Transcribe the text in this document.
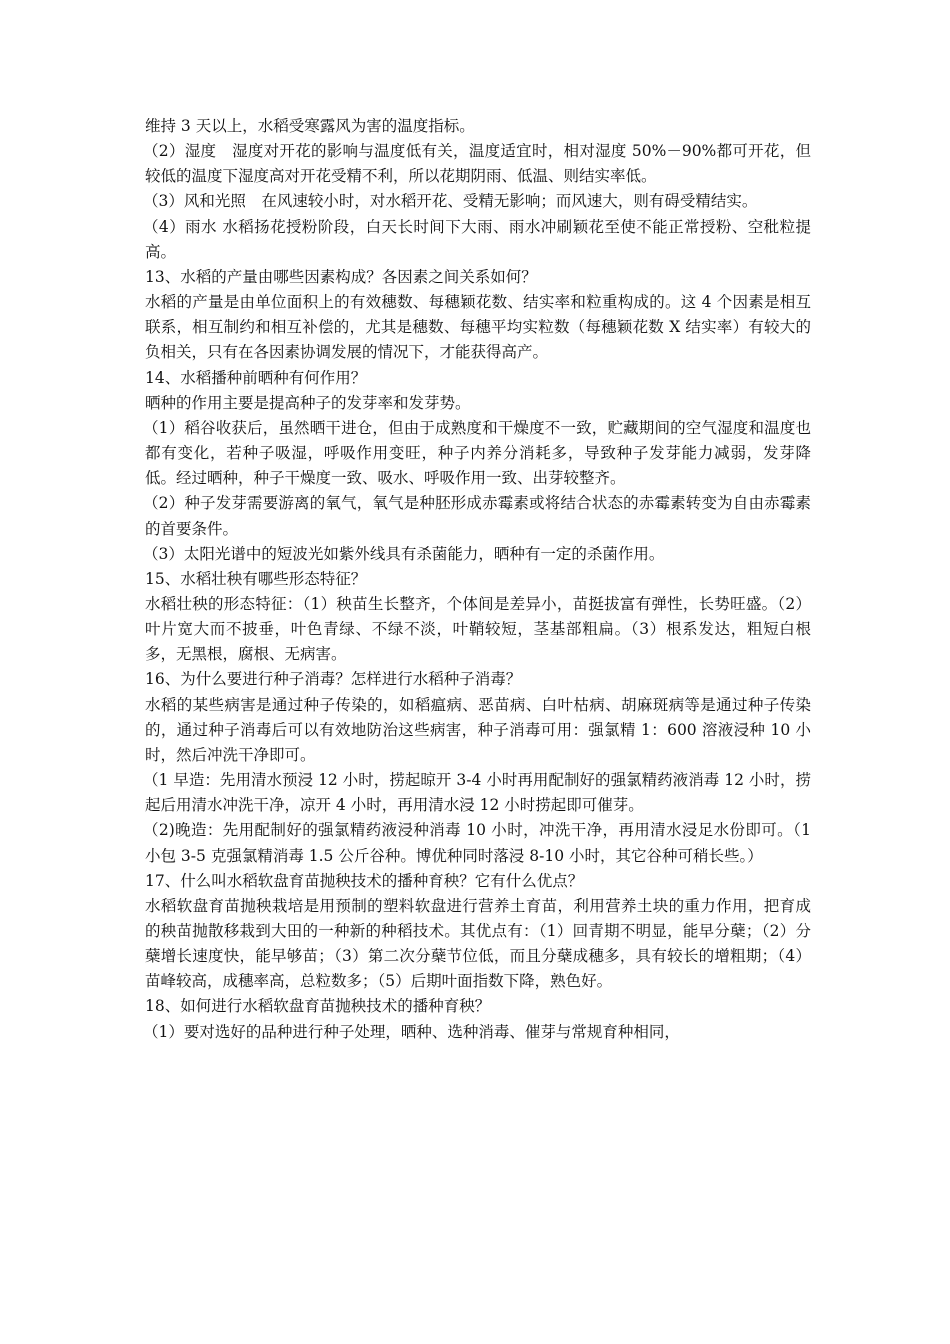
维持 3 天以上，水稻受寒露风为害的温度指标。

（2）湿度　湿度对开花的影响与温度低有关，温度适宜时，相对湿度 50%－90%都可开花，但较低的温度下湿度高对开花受精不利，所以花期阴雨、低温、则结实率低。

（3）风和光照　在风速较小时，对水稻开花、受精无影响；而风速大，则有碍受精结实。

（4）雨水 水稻扬花授粉阶段，白天长时间下大雨、雨水冲刷颖花至使不能正常授粉、空秕粒提高。

13、水稻的产量由哪些因素构成？各因素之间关系如何？

水稻的产量是由单位面积上的有效穗数、每穗颖花数、结实率和粒重构成的。这 4 个因素是相互联系，相互制约和相互补偿的，尤其是穗数、每穗平均实粒数（每穗颖花数 X 结实率）有较大的负相关，只有在各因素协调发展的情况下，才能获得高产。

14、水稻播种前晒种有何作用？

晒种的作用主要是提高种子的发芽率和发芽势。

（1）稻谷收获后，虽然晒干进仓，但由于成熟度和干燥度不一致，贮藏期间的空气湿度和温度也都有变化，若种子吸湿，呼吸作用变旺，种子内养分消耗多，导致种子发芽能力减弱，发芽降低。经过晒种，种子干燥度一致、吸水、呼吸作用一致、出芽较整齐。

（2）种子发芽需要游离的氧气，氧气是种胚形成赤霉素或将结合状态的赤霉素转变为自由赤霉素的首要条件。

（3）太阳光谱中的短波光如紫外线具有杀菌能力，晒种有一定的杀菌作用。

15、水稻壮秧有哪些形态特征？

水稻壮秧的形态特征：（1）秧苗生长整齐，个体间是差异小，苗挺拔富有弹性，长势旺盛。（2）叶片宽大而不披垂，叶色青绿、不绿不淡，叶鞘较短，茎基部粗扁。（3）根系发达，粗短白根多，无黑根，腐根、无病害。

16、为什么要进行种子消毒？怎样进行水稻种子消毒？

水稻的某些病害是通过种子传染的，如稻瘟病、恶苗病、白叶枯病、胡麻斑病等是通过种子传染的，通过种子消毒后可以有效地防治这些病害，种子消毒可用：强氯精 1：600 溶液浸种 10 小时，然后冲洗干净即可。

（1 早造：先用清水预浸 12 小时，捞起晾开 3-4 小时再用配制好的强氯精药液消毒 12 小时，捞起后用清水冲洗干净，凉开 4 小时，再用清水浸 12 小时捞起即可催芽。

（2)晚造：先用配制好的强氯精药液浸种消毒 10 小时，冲洗干净，再用清水浸足水份即可。（1 小包 3-5 克强氯精消毒 1.5 公斤谷种。博优种同时落浸 8-10 小时，其它谷种可稍长些。）

17、什么叫水稻软盘育苗抛秧技术的播种育秧？它有什么优点？

水稻软盘育苗抛秧栽培是用预制的塑料软盘进行营养土育苗，利用营养土块的重力作用，把育成的秧苗抛散移栽到大田的一种新的种稻技术。其优点有：（1）回青期不明显，能早分蘖；（2）分蘖增长速度快，能早够苗；（3）第二次分蘖节位低，而且分蘖成穗多，具有较长的增粗期；（4）苗峰较高，成穗率高，总粒数多；（5）后期叶面指数下降，熟色好。

18、如何进行水稻软盘育苗抛秧技术的播种育秧？

（1）要对选好的品种进行种子处理，晒种、选种消毒、催芽与常规育种相同，
